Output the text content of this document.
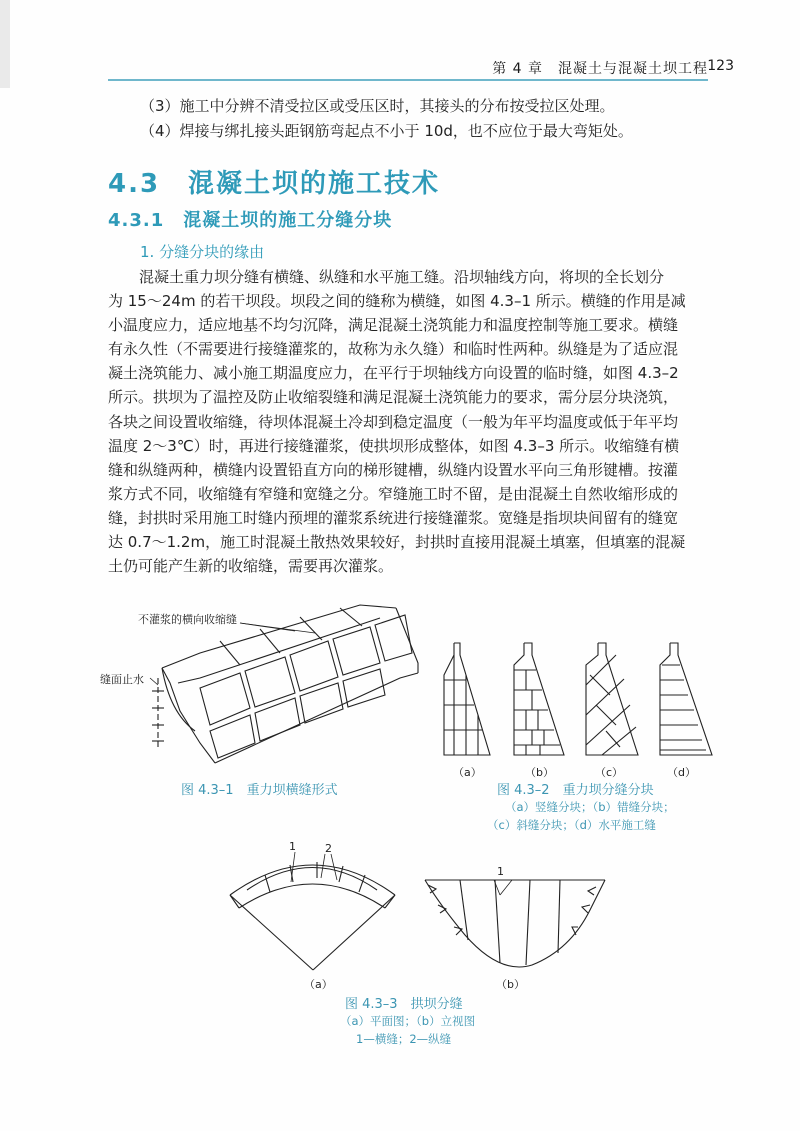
第 4 章　混凝土与混凝土坝工程 123
（3）施工中分辨不清受拉区或受压区时，其接头的分布按受拉区处理。
（4）焊接与绑扎接头距钢筋弯起点不小于 10d，也不应位于最大弯矩处。
4.3　混凝土坝的施工技术
4.3.1　混凝土坝的施工分缝分块
1. 分缝分块的缘由
混凝土重力坝分缝有横缝、纵缝和水平施工缝。沿坝轴线方向，将坝的全长划分
为 15～24m 的若干坝段。坝段之间的缝称为横缝，如图 4.3–1 所示。横缝的作用是减
小温度应力，适应地基不均匀沉降，满足混凝土浇筑能力和温度控制等施工要求。横缝
有永久性（不需要进行接缝灌浆的，故称为永久缝）和临时性两种。纵缝是为了适应混
凝土浇筑能力、减小施工期温度应力，在平行于坝轴线方向设置的临时缝，如图 4.3–2
所示。拱坝为了温控及防止收缩裂缝和满足混凝土浇筑能力的要求，需分层分块浇筑，
各块之间设置收缩缝，待坝体混凝土冷却到稳定温度（一般为年平均温度或低于年平均
温度 2～3℃）时，再进行接缝灌浆，使拱坝形成整体，如图 4.3–3 所示。收缩缝有横
缝和纵缝两种，横缝内设置铅直方向的梯形键槽，纵缝内设置水平向三角形键槽。按灌
浆方式不同，收缩缝有窄缝和宽缝之分。窄缝施工时不留，是由混凝土自然收缩形成的
缝，封拱时采用施工时缝内预埋的灌浆系统进行接缝灌浆。宽缝是指坝块间留有的缝宽
达 0.7～1.2m，施工时混凝土散热效果较好，封拱时直接用混凝土填塞，但填塞的混凝
土仍可能产生新的收缩缝，需要再次灌浆。
不灌浆的横向收缩缝
缝面止水
图 4.3–1　重力坝横缝形式
（a）	（b）	（c）	（d）
图 4.3–2　重力坝分缝分块
（a）竖缝分块；（b）错缝分块；
（c）斜缝分块；（d）水平施工缝
1	2
（a）
1
（b）
图 4.3–3　拱坝分缝
（a）平面图；（b）立视图
1—横缝；2—纵缝
